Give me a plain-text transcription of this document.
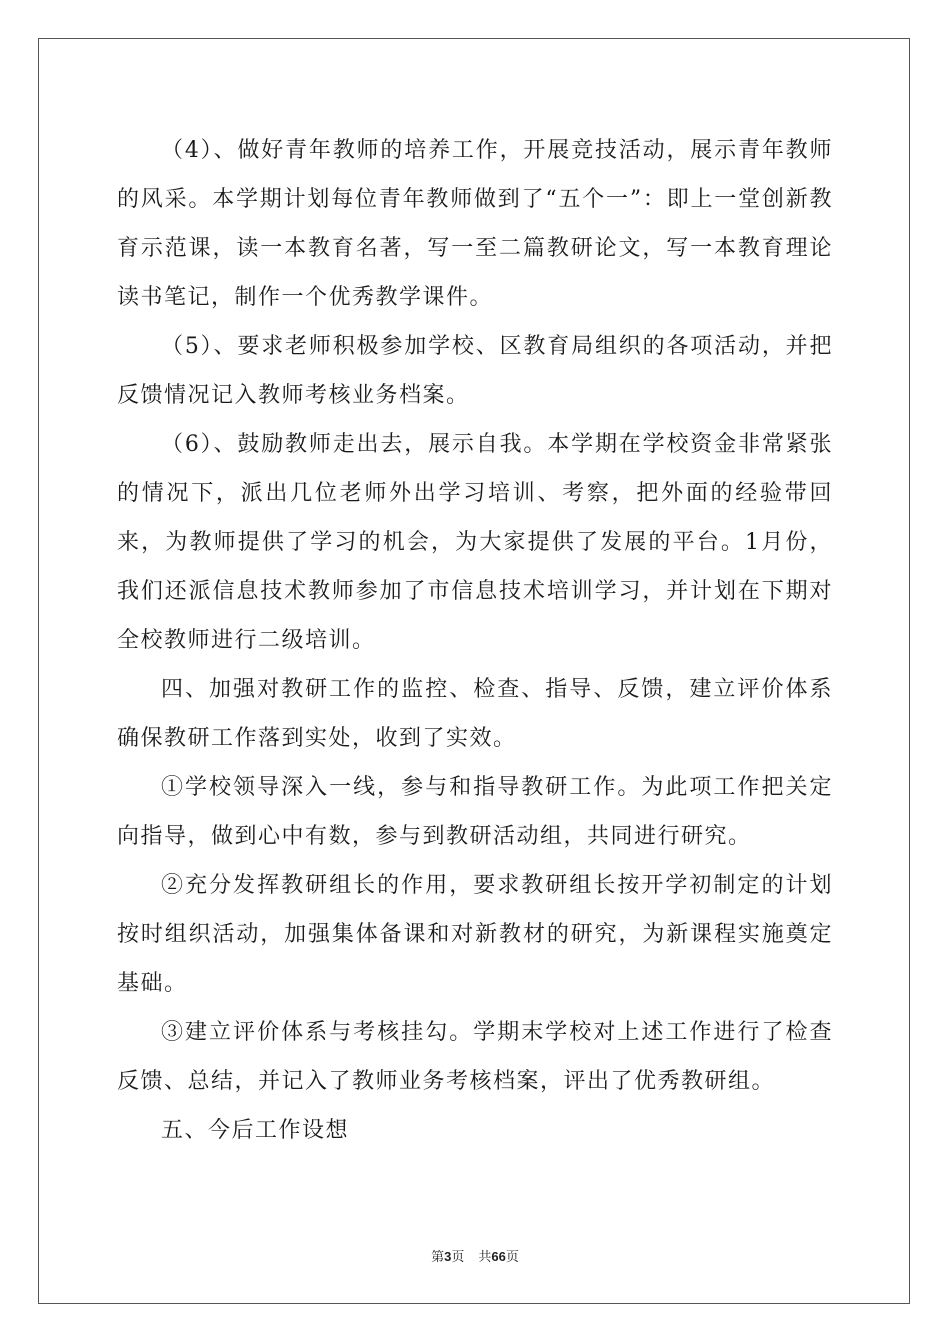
（4）、做好青年教师的培养工作，开展竞技活动，展示青年教师的风采。本学期计划每位青年教师做到了“五个一”：即上一堂创新教育示范课，读一本教育名著，写一至二篇教研论文，写一本教育理论读书笔记，制作一个优秀教学课件。

（5）、要求老师积极参加学校、区教育局组织的各项活动，并把反馈情况记入教师考核业务档案。

（6）、鼓励教师走出去，展示自我。本学期在学校资金非常紧张的情况下，派出几位老师外出学习培训、考察，把外面的经验带回来，为教师提供了学习的机会，为大家提供了发展的平台。1月份，我们还派信息技术教师参加了市信息技术培训学习，并计划在下期对全校教师进行二级培训。

四、加强对教研工作的监控、检查、指导、反馈，建立评价体系确保教研工作落到实处，收到了实效。

①学校领导深入一线，参与和指导教研工作。为此项工作把关定向指导，做到心中有数，参与到教研活动组，共同进行研究。

②充分发挥教研组长的作用，要求教研组长按开学初制定的计划按时组织活动，加强集体备课和对新教材的研究，为新课程实施奠定基础。

③建立评价体系与考核挂勾。学期末学校对上述工作进行了检查反馈、总结，并记入了教师业务考核档案，评出了优秀教研组。

五、今后工作设想

第3页 共66页
